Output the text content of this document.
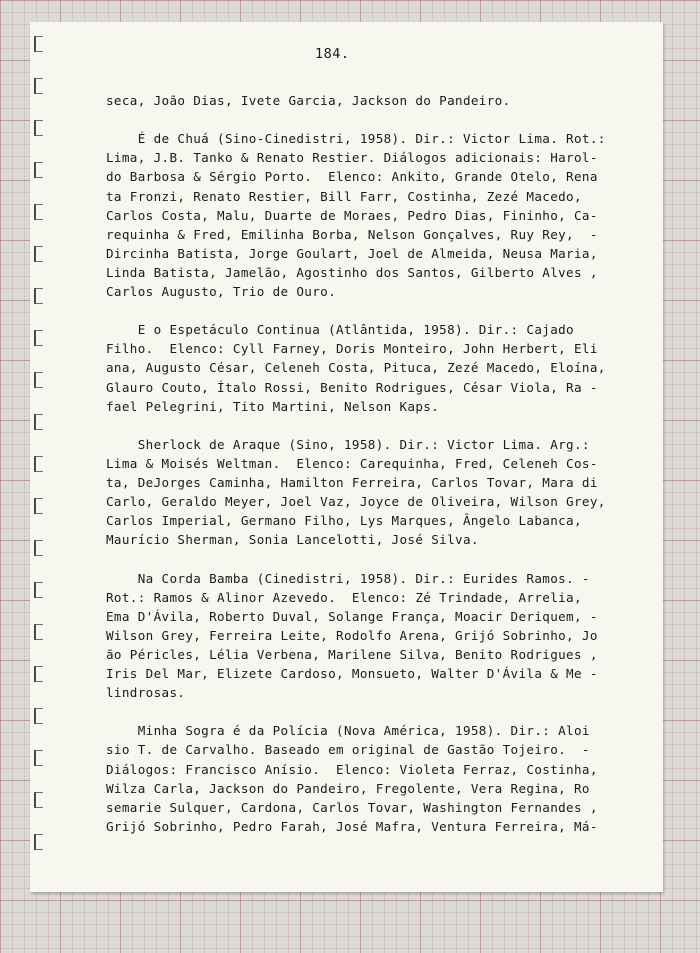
184.
seca, João Dias, Ivete Garcia, Jackson do Pandeiro.
É de Chuá (Sino-Cinedistri, 1958). Dir.: Victor Lima. Rot.:
Lima, J.B. Tanko & Renato Restier. Diálogos adicionais: Harol-
do Barbosa & Sérgio Porto.  Elenco: Ankito, Grande Otelo, Rena
ta Fronzi, Renato Restier, Bill Farr, Costinha, Zezé Macedo,
Carlos Costa, Malu, Duarte de Moraes, Pedro Dias, Fininho, Ca-
requinha & Fred, Emilinha Borba, Nelson Gonçalves, Ruy Rey,  -
Dircinha Batista, Jorge Goulart, Joel de Almeida, Neusa Maria,
Linda Batista, Jamelão, Agostinho dos Santos, Gilberto Alves ,
Carlos Augusto, Trio de Ouro.
E o Espetáculo Continua (Atlântida, 1958). Dir.: Cajado
Filho.  Elenco: Cyll Farney, Doris Monteiro, John Herbert, Eli
ana, Augusto César, Celeneh Costa, Pituca, Zezé Macedo, Eloína,
Glauro Couto, Ítalo Rossi, Benito Rodrigues, César Viola, Ra -
fael Pelegrini, Tito Martini, Nelson Kaps.
Sherlock de Araque (Sino, 1958). Dir.: Victor Lima. Arg.:
Lima & Moisés Weltman.  Elenco: Carequinha, Fred, Celeneh Cos-
ta, DeJorges Caminha, Hamilton Ferreira, Carlos Tovar, Mara di
Carlo, Geraldo Meyer, Joel Vaz, Joyce de Oliveira, Wilson Grey,
Carlos Imperial, Germano Filho, Lys Marques, Ângelo Labanca,
Maurício Sherman, Sonia Lancelotti, José Silva.
Na Corda Bamba (Cinedistri, 1958). Dir.: Eurides Ramos. -
Rot.: Ramos & Alinor Azevedo.  Elenco: Zé Trindade, Arrelia,
Ema D'Ávila, Roberto Duval, Solange França, Moacir Deriquem, -
Wilson Grey, Ferreira Leite, Rodolfo Arena, Grijó Sobrinho, Jo
ão Péricles, Lélia Verbena, Marilene Silva, Benito Rodrigues ,
Iris Del Mar, Elizete Cardoso, Monsueto, Walter D'Ávila & Me -
lindrosas.
Minha Sogra é da Polícia (Nova América, 1958). Dir.: Aloi
sio T. de Carvalho. Baseado em original de Gastão Tojeiro.  -
Diálogos: Francisco Anísio.  Elenco: Violeta Ferraz, Costinha,
Wilza Carla, Jackson do Pandeiro, Fregolente, Vera Regina, Ro
semarie Sulquer, Cardona, Carlos Tovar, Washington Fernandes ,
Grijó Sobrinho, Pedro Farah, José Mafra, Ventura Ferreira, Má-
